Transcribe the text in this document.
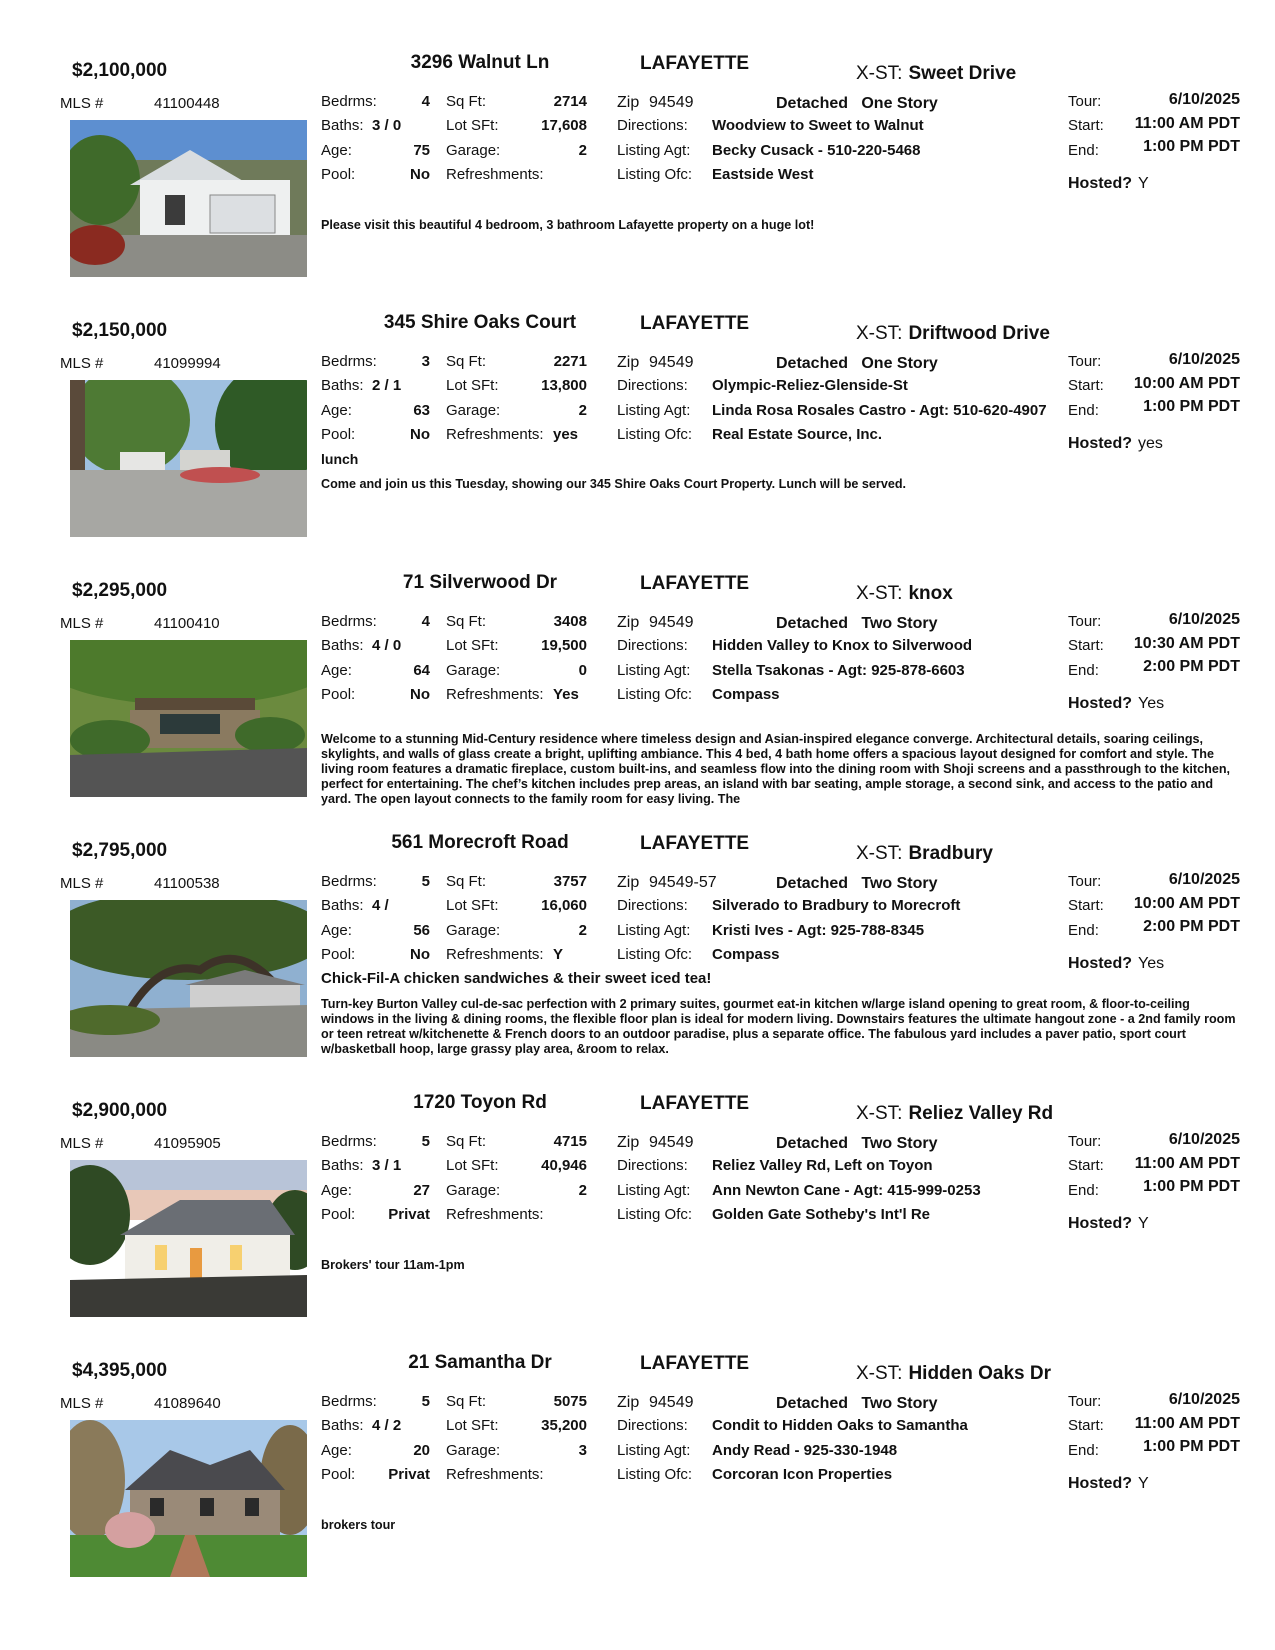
$2,100,000	3296 Walnut Ln	LAFAYETTE	X-ST: Sweet Drive
MLS #	41100448	Bedrms:	4
Baths: 3 / 0
Age:	75
Pool:	No
Sq Ft:	2714
Lot SFt:	17,608
Garage:	2
Refreshments:
Zip 94549	Detached   One Story
Directions: Woodview to Sweet to Walnut
Listing Agt: Becky Cusack - 510-220-5468
Listing Ofc: Eastside West
Tour:	6/10/2025
Start:	11:00 AM PDT
End:	1:00 PM PDT
Hosted? Y
Please visit this beautiful 4 bedroom, 3 bathroom Lafayette property on a huge lot!
$2,150,000	345 Shire Oaks Court	LAFAYETTE	X-ST: Driftwood Drive
MLS #	41099994	Bedrms:	3
Baths: 2 / 1
Age:	63
Pool:	No
Sq Ft:	2271
Lot SFt:	13,800
Garage:	2
Refreshments: yes
Zip 94549	Detached   One Story
Directions: Olympic-Reliez-Glenside-St
Listing Agt: Linda Rosa Rosales Castro - Agt: 510-620-4907
Listing Ofc: Real Estate Source, Inc.
Tour:	6/10/2025
Start:	10:00 AM PDT
End:	1:00 PM PDT
Hosted? yes
lunch
Come and join us this Tuesday, showing our 345 Shire Oaks Court Property. Lunch will be served.
$2,295,000	71 Silverwood Dr	LAFAYETTE	X-ST: knox
MLS #	41100410	Bedrms:	4
Baths: 4 / 0
Age:	64
Pool:	No
Sq Ft:	3408
Lot SFt:	19,500
Garage:	0
Refreshments: Yes
Zip 94549	Detached   Two Story
Directions: Hidden Valley to Knox to Silverwood
Listing Agt: Stella Tsakonas - Agt: 925-878-6603
Listing Ofc: Compass
Tour:	6/10/2025
Start:	10:30 AM PDT
End:	2:00 PM PDT
Hosted? Yes
Welcome to a stunning Mid-Century residence where timeless design and Asian-inspired elegance converge. Architectural details, soaring ceilings, skylights, and walls of glass create a bright, uplifting ambiance. This 4 bed, 4 bath home offers a spacious layout designed for comfort and style. The living room features a dramatic fireplace, custom built-ins, and seamless flow into the dining room with Shoji screens and a passthrough to the kitchen, perfect for entertaining. The chef’s kitchen includes prep areas, an island with bar seating, ample storage, a second sink, and access to the patio and yard. The open layout connects to the family room for easy living. The
$2,795,000	561 Morecroft Road	LAFAYETTE	X-ST: Bradbury
MLS #	41100538	Bedrms:	5
Baths: 4 /
Age:	56
Pool:	No
Sq Ft:	3757
Lot SFt:	16,060
Garage:	2
Refreshments: Y
Zip 94549-57	Detached   Two Story
Directions: Silverado to Bradbury to Morecroft
Listing Agt: Kristi Ives - Agt: 925-788-8345
Listing Ofc: Compass
Tour:	6/10/2025
Start:	10:00 AM PDT
End:	2:00 PM PDT
Hosted? Yes
Chick-Fil-A chicken sandwiches & their sweet iced tea!
Turn-key Burton Valley cul-de-sac perfection with 2 primary suites, gourmet eat-in kitchen w/large island opening to great room, & floor-to-ceiling windows in the living & dining rooms, the flexible floor plan is ideal for modern living. Downstairs features the ultimate hangout zone - a 2nd family room or teen retreat w/kitchenette & French doors to an outdoor paradise, plus a separate office. The fabulous yard includes a paver patio, sport court w/basketball hoop, large grassy play area, &room to relax.
$2,900,000	1720 Toyon Rd	LAFAYETTE	X-ST: Reliez Valley Rd
MLS #	41095905	Bedrms:	5
Baths: 3 / 1
Age:	27
Pool:	Privat
Sq Ft:	4715
Lot SFt:	40,946
Garage:	2
Refreshments:
Zip 94549	Detached   Two Story
Directions: Reliez Valley Rd, Left on Toyon
Listing Agt: Ann Newton Cane - Agt: 415-999-0253
Listing Ofc: Golden Gate Sotheby's Int'l Re
Tour:	6/10/2025
Start:	11:00 AM PDT
End:	1:00 PM PDT
Hosted? Y
Brokers' tour 11am-1pm
$4,395,000	21 Samantha Dr	LAFAYETTE	X-ST: Hidden Oaks Dr
MLS #	41089640	Bedrms:	5
Baths: 4 / 2
Age:	20
Pool:	Privat
Sq Ft:	5075
Lot SFt:	35,200
Garage:	3
Refreshments:
Zip 94549	Detached   Two Story
Directions: Condit to Hidden Oaks to Samantha
Listing Agt: Andy Read - 925-330-1948
Listing Ofc: Corcoran Icon Properties
Tour:	6/10/2025
Start:	11:00 AM PDT
End:	1:00 PM PDT
Hosted? Y
brokers tour
